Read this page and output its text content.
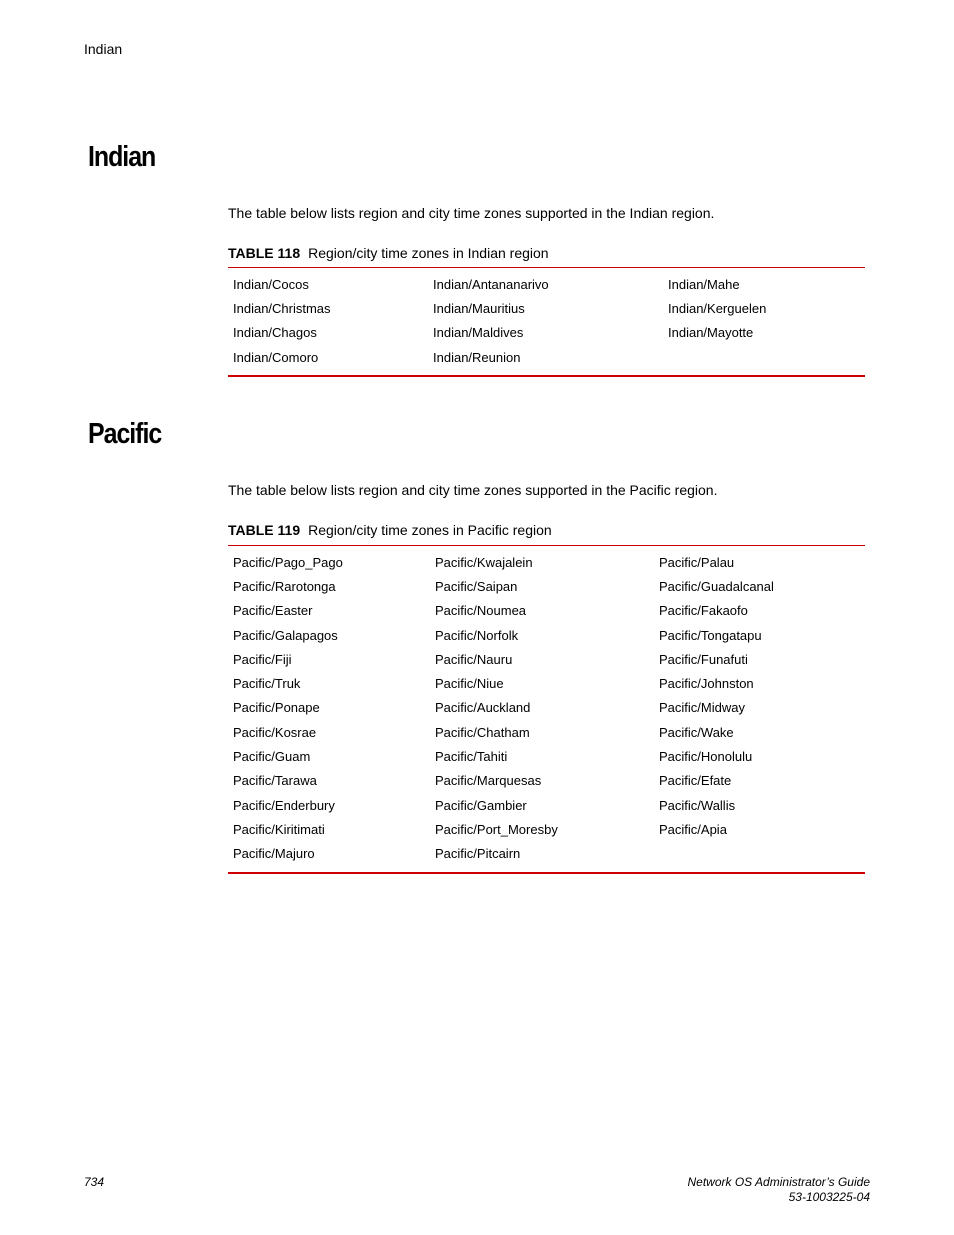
Indian
Indian

The table below lists region and city time zones supported in the Indian region.

TABLE 118 Region/city time zones in Indian region

Indian/Cocos	Indian/Antananarivo	Indian/Mahe
Indian/Christmas	Indian/Mauritius	Indian/Kerguelen
Indian/Chagos	Indian/Maldives	Indian/Mayotte
Indian/Comoro	Indian/Reunion	
Pacific

The table below lists region and city time zones supported in the Pacific region.

TABLE 119 Region/city time zones in Pacific region

Pacific/Pago_Pago	Pacific/Kwajalein	Pacific/Palau
Pacific/Rarotonga	Pacific/Saipan	Pacific/Guadalcanal
Pacific/Easter	Pacific/Noumea	Pacific/Fakaofo
Pacific/Galapagos	Pacific/Norfolk	Pacific/Tongatapu
Pacific/Fiji	Pacific/Nauru	Pacific/Funafuti
Pacific/Truk	Pacific/Niue	Pacific/Johnston
Pacific/Ponape	Pacific/Auckland	Pacific/Midway
Pacific/Kosrae	Pacific/Chatham	Pacific/Wake
Pacific/Guam	Pacific/Tahiti	Pacific/Honolulu
Pacific/Tarawa	Pacific/Marquesas	Pacific/Efate
Pacific/Enderbury	Pacific/Gambier	Pacific/Wallis
Pacific/Kiritimati	Pacific/Port_Moresby	Pacific/Apia
Pacific/Majuro	Pacific/Pitcairn	
734	Network OS Administrator’s Guide
53-1003225-04
